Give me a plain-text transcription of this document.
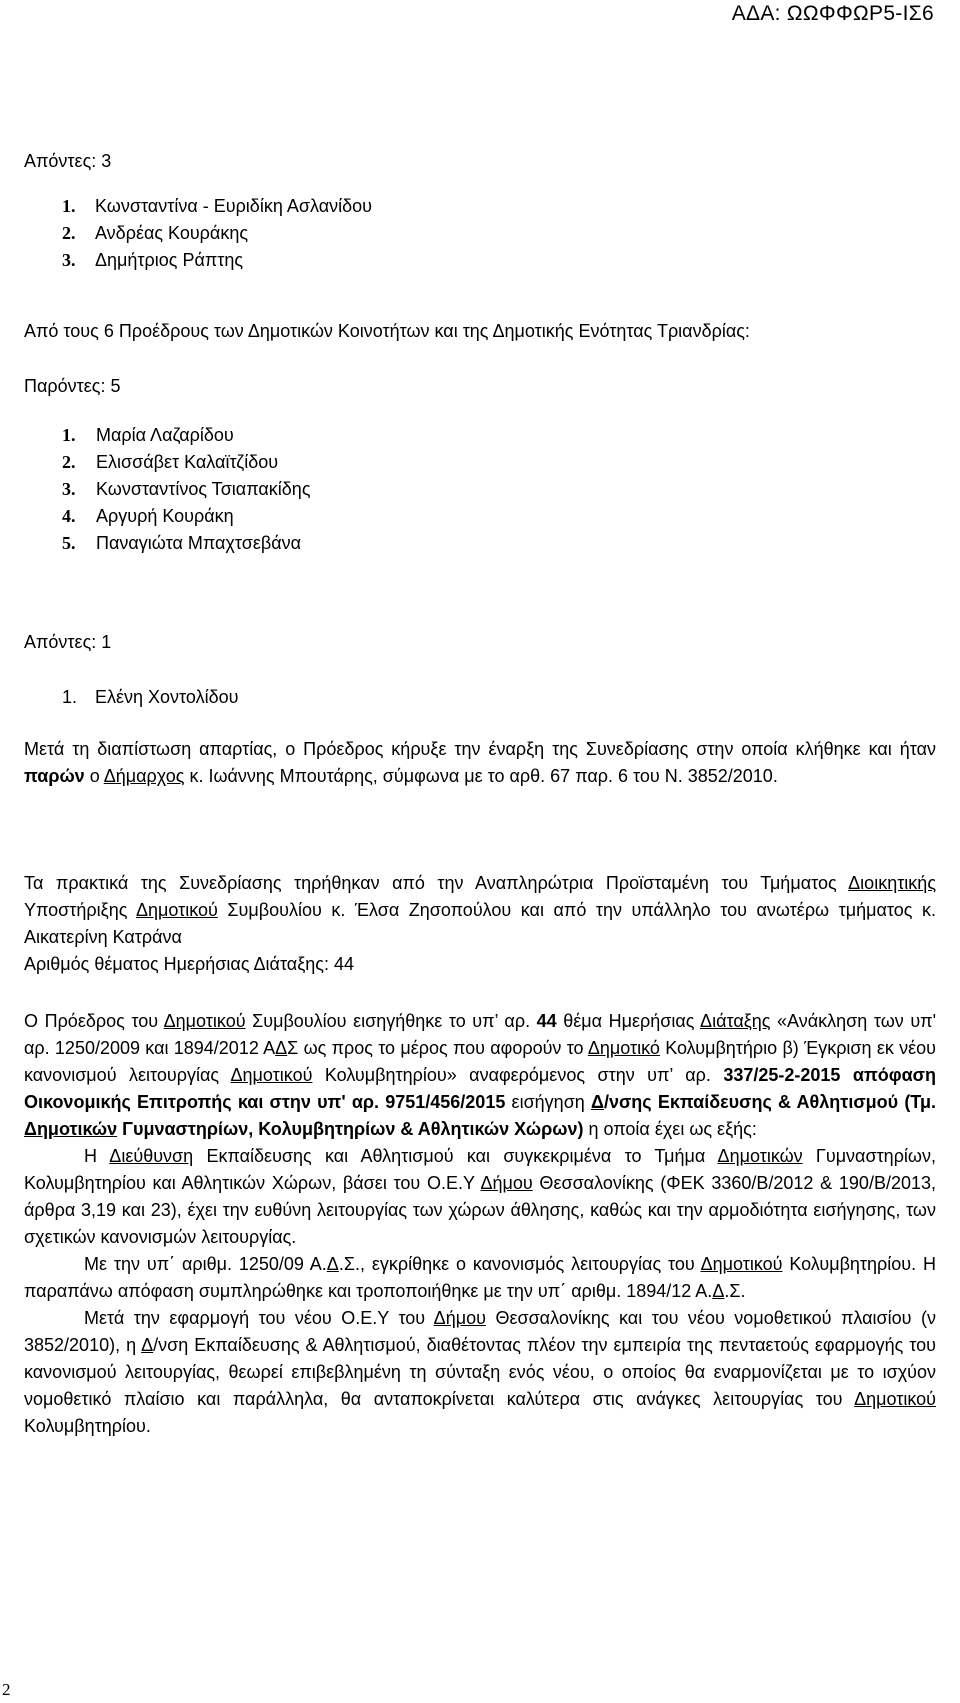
ΑΔΑ: ΩΩΦΦΩΡ5-ΙΣ6
Απόντες: 3
1. Κωνσταντίνα - Ευριδίκη Ασλανίδου
2. Ανδρέας Κουράκης
3. Δημήτριος Ράπτης
Από τους 6 Προέδρους των Δημοτικών Κοινοτήτων και της Δημοτικής Ενότητας Τριανδρίας:
Παρόντες: 5
1. Μαρία Λαζαρίδου
2. Ελισσάβετ Καλαϊτζίδου
3. Κωνσταντίνος Τσιαπακίδης
4. Αργυρή Κουράκη
5. Παναγιώτα Μπαχτσεβάνα
Απόντες: 1
1. Ελένη Χοντολίδου

Μετά τη διαπίστωση απαρτίας, ο Πρόεδρος κήρυξε την έναρξη της Συνεδρίασης στην οποία κλήθηκε και ήταν παρών ο Δήμαρχος κ. Ιωάννης Μπουτάρης, σύμφωνα με το αρθ. 67 παρ. 6 του Ν. 3852/2010.

Τα πρακτικά της Συνεδρίασης τηρήθηκαν από την Αναπληρώτρια Προϊσταμένη του Τμήματος Διοικητικής Υποστήριξης Δημοτικού Συμβουλίου κ. Έλσα Ζησοπούλου και από την υπάλληλο του ανωτέρω τμήματος κ. Αικατερίνη Κατράνα

Αριθμός θέματος Ημερήσιας Διάταξης: 44

Ο Πρόεδρος του Δημοτικού Συμβουλίου εισηγήθηκε το υπ’ αρ. 44 θέμα Ημερήσιας Διάταξης «Ανάκληση των υπ' αρ. 1250/2009 και 1894/2012 ΑΔΣ ως προς το μέρος που αφορούν το Δημοτικό Κολυμβητήριο β) Έγκριση εκ νέου κανονισμού λειτουργίας Δημοτικού Κολυμβητηρίου» αναφερόμενος στην υπ’ αρ. 337/25-2-2015 απόφαση Οικονομικής Επιτροπής και στην υπ' αρ. 9751/456/2015 εισήγηση Δ/νσης Εκπαίδευσης & Αθλητισμού (Τμ. Δημοτικών Γυμναστηρίων, Κολυμβητηρίων & Αθλητικών Χώρων) η οποία έχει ως εξής:

Η Διεύθυνση Εκπαίδευσης και Αθλητισμού και συγκεκριμένα το Τμήμα Δημοτικών Γυμναστηρίων, Κολυμβητηρίου και Αθλητικών Χώρων, βάσει του Ο.Ε.Υ Δήμου Θεσσαλονίκης (ΦΕΚ 3360/Β/2012 & 190/Β/2013, άρθρα 3,19 και 23), έχει την ευθύνη λειτουργίας των χώρων άθλησης, καθώς και την αρμοδιότητα εισήγησης, των σχετικών κανονισμών λειτουργίας.

Με την υπ΄ αριθμ. 1250/09 Α.Δ.Σ., εγκρίθηκε ο κανονισμός λειτουργίας του Δημοτικού Κολυμβητηρίου. Η παραπάνω απόφαση συμπληρώθηκε και τροποποιήθηκε με την υπ΄ αριθμ. 1894/12 Α.Δ.Σ.

Μετά την εφαρμογή του νέου Ο.Ε.Υ του Δήμου Θεσσαλονίκης και του νέου νομοθετικού πλαισίου (ν 3852/2010), η Δ/νση Εκπαίδευσης & Αθλητισμού, διαθέτοντας πλέον την εμπειρία της πενταετούς εφαρμογής του κανονισμού λειτουργίας, θεωρεί επιβεβλημένη τη σύνταξη ενός νέου, ο οποίος θα εναρμονίζεται με το ισχύον νομοθετικό πλαίσιο και παράλληλα, θα ανταποκρίνεται καλύτερα στις ανάγκες λειτουργίας του Δημοτικού Κολυμβητηρίου.

2
